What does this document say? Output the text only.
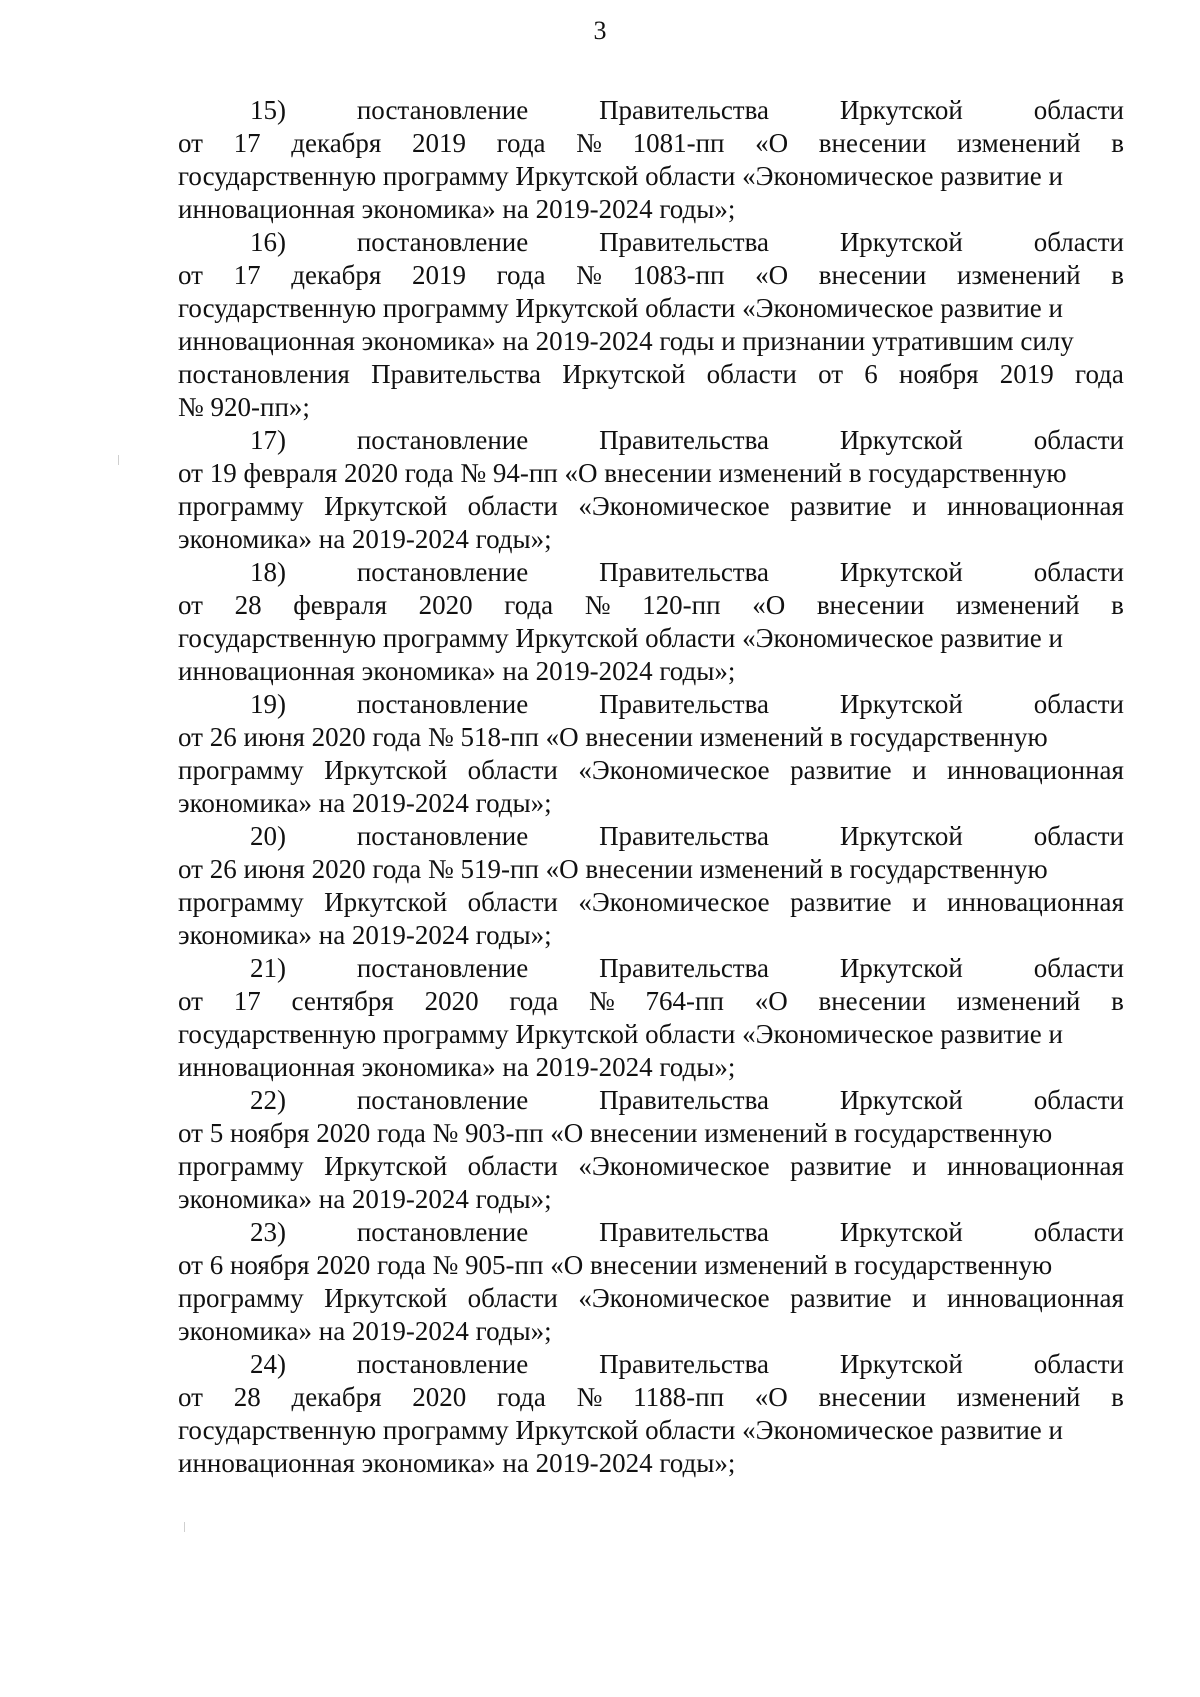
3
15)	постановление	Правительства	Иркутской	области
от 17 декабря 2019 года № 1081-пп «О внесении изменений в
государственную программу Иркутской области «Экономическое развитие и
инновационная экономика» на 2019-2024 годы»;
16)	постановление	Правительства	Иркутской	области
от 17 декабря 2019 года № 1083-пп «О внесении изменений в
государственную программу Иркутской области «Экономическое развитие и
инновационная экономика» на 2019-2024 годы и признании утратившим силу
постановления Правительства Иркутской области от 6 ноября 2019 года
№ 920-пп»;
17)	постановление	Правительства	Иркутской	области
от 19 февраля 2020 года № 94-пп «О внесении изменений в государственную
программу Иркутской области «Экономическое развитие и инновационная
экономика» на 2019-2024 годы»;
18)	постановление	Правительства	Иркутской	области
от 28 февраля 2020 года № 120-пп «О внесении изменений в
государственную программу Иркутской области «Экономическое развитие и
инновационная экономика» на 2019-2024 годы»;
19)	постановление	Правительства	Иркутской	области
от 26 июня 2020 года № 518-пп «О внесении изменений в государственную
программу Иркутской области «Экономическое развитие и инновационная
экономика» на 2019-2024 годы»;
20)	постановление	Правительства	Иркутской	области
от 26 июня 2020 года № 519-пп «О внесении изменений в государственную
программу Иркутской области «Экономическое развитие и инновационная
экономика» на 2019-2024 годы»;
21)	постановление	Правительства	Иркутской	области
от 17 сентября 2020 года № 764-пп «О внесении изменений в
государственную программу Иркутской области «Экономическое развитие и
инновационная экономика» на 2019-2024 годы»;
22)	постановление	Правительства	Иркутской	области
от 5 ноября 2020 года № 903-пп «О внесении изменений в государственную
программу Иркутской области «Экономическое развитие и инновационная
экономика» на 2019-2024 годы»;
23)	постановление	Правительства	Иркутской	области
от 6 ноября 2020 года № 905-пп «О внесении изменений в государственную
программу Иркутской области «Экономическое развитие и инновационная
экономика» на 2019-2024 годы»;
24)	постановление	Правительства	Иркутской	области
от 28 декабря 2020 года № 1188-пп «О внесении изменений в
государственную программу Иркутской области «Экономическое развитие и
инновационная экономика» на 2019-2024 годы»;
